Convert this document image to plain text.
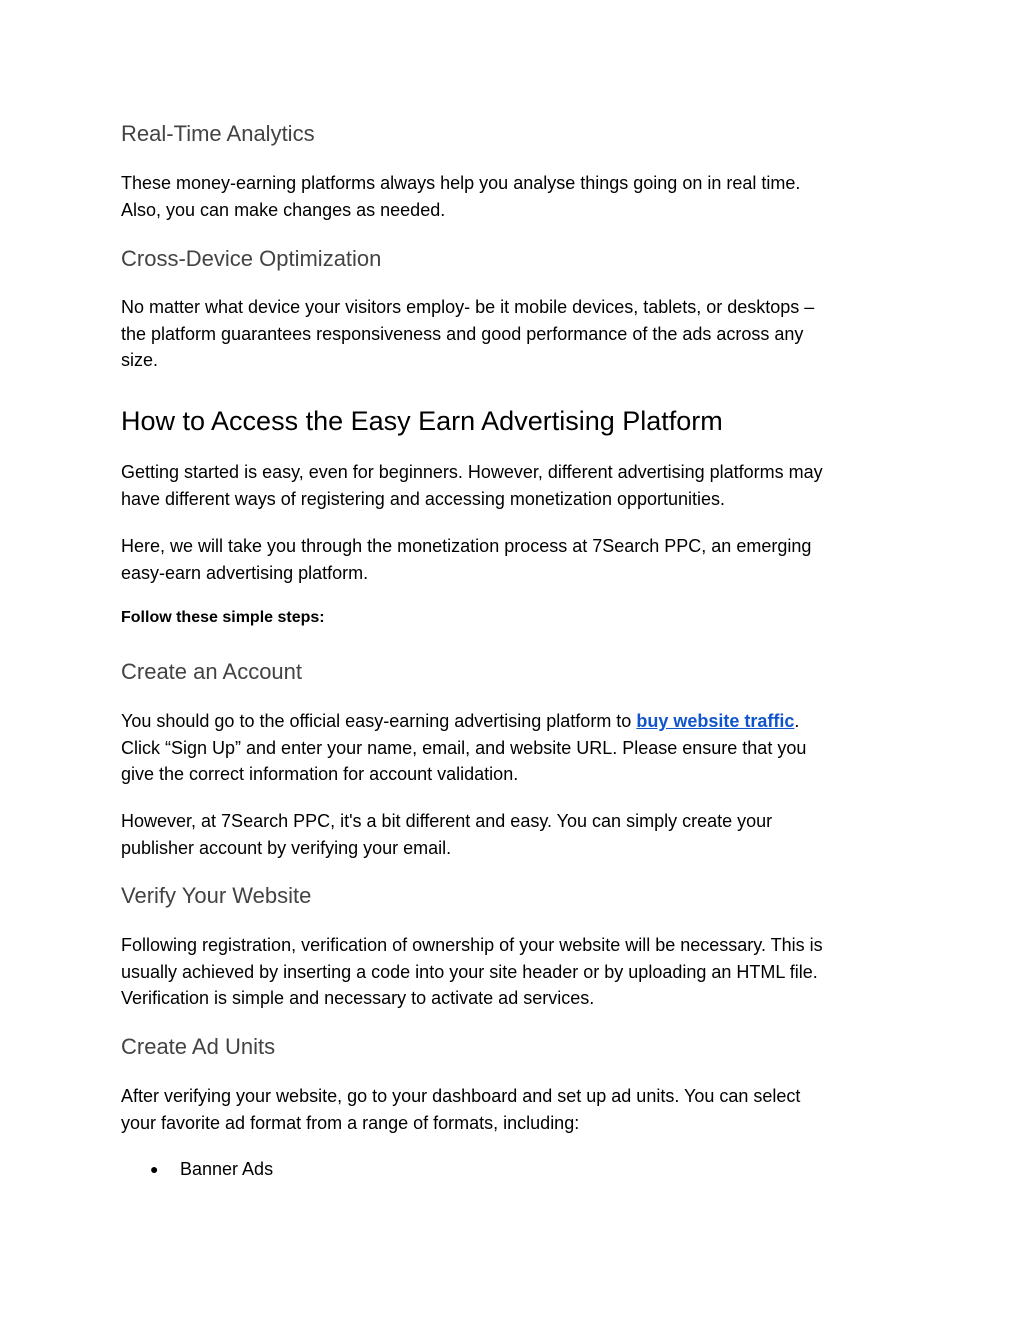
Real-Time Analytics

These money-earning platforms always help you analyse things going on in real time.
Also, you can make changes as needed.

Cross-Device Optimization

No matter what device your visitors employ- be it mobile devices, tablets, or desktops –
the platform guarantees responsiveness and good performance of the ads across any
size.

How to Access the Easy Earn Advertising Platform

Getting started is easy, even for beginners. However, different advertising platforms may
have different ways of registering and accessing monetization opportunities.

Here, we will take you through the monetization process at 7Search PPC, an emerging
easy-earn advertising platform.

Follow these simple steps:

Create an Account

You should go to the official easy-earning advertising platform to buy website traffic.
Click “Sign Up” and enter your name, email, and website URL. Please ensure that you
give the correct information for account validation.

However, at 7Search PPC, it's a bit different and easy. You can simply create your
publisher account by verifying your email.

Verify Your Website

Following registration, verification of ownership of your website will be necessary. This is
usually achieved by inserting a code into your site header or by uploading an HTML file.
Verification is simple and necessary to activate ad services.

Create Ad Units

After verifying your website, go to your dashboard and set up ad units. You can select
your favorite ad format from a range of formats, including:

● Banner Ads
